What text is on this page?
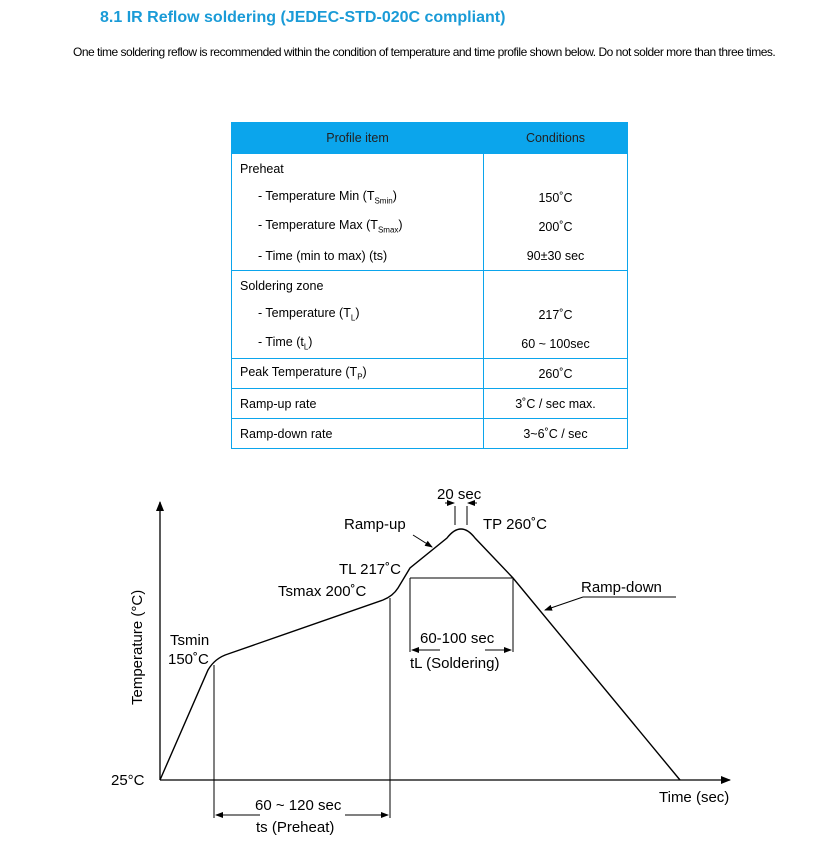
8.1 IR Reflow soldering (JEDEC-STD-020C compliant)
One time soldering reflow is recommended within the condition of temperature and time profile shown below. Do not solder more than three times.
Profile item	Conditions
Preheat	
- Temperature Min $(T_{Smin})$	150˚C
- Temperature Max $(T_{Smax})$	200˚C
- Time (min to max) (ts)	90±30 sec
Soldering zone	
- Temperature $(T_L)$	217˚C
- Time $(t_L)$	60 ~ 100sec
Peak Temperature $(T_P)$	260˚C
Ramp-up rate	3˚C / sec max.
Ramp-down rate	3~6˚C / sec
Temperature (°C)
Time (sec)
25°C
Tsmin
150˚C
Tsmax 200˚C
TL 217˚C
TP 260˚C
20 sec
Ramp-up
Ramp-down
60-100 sec
tL (Soldering)
60 ~ 120 sec
ts (Preheat)
